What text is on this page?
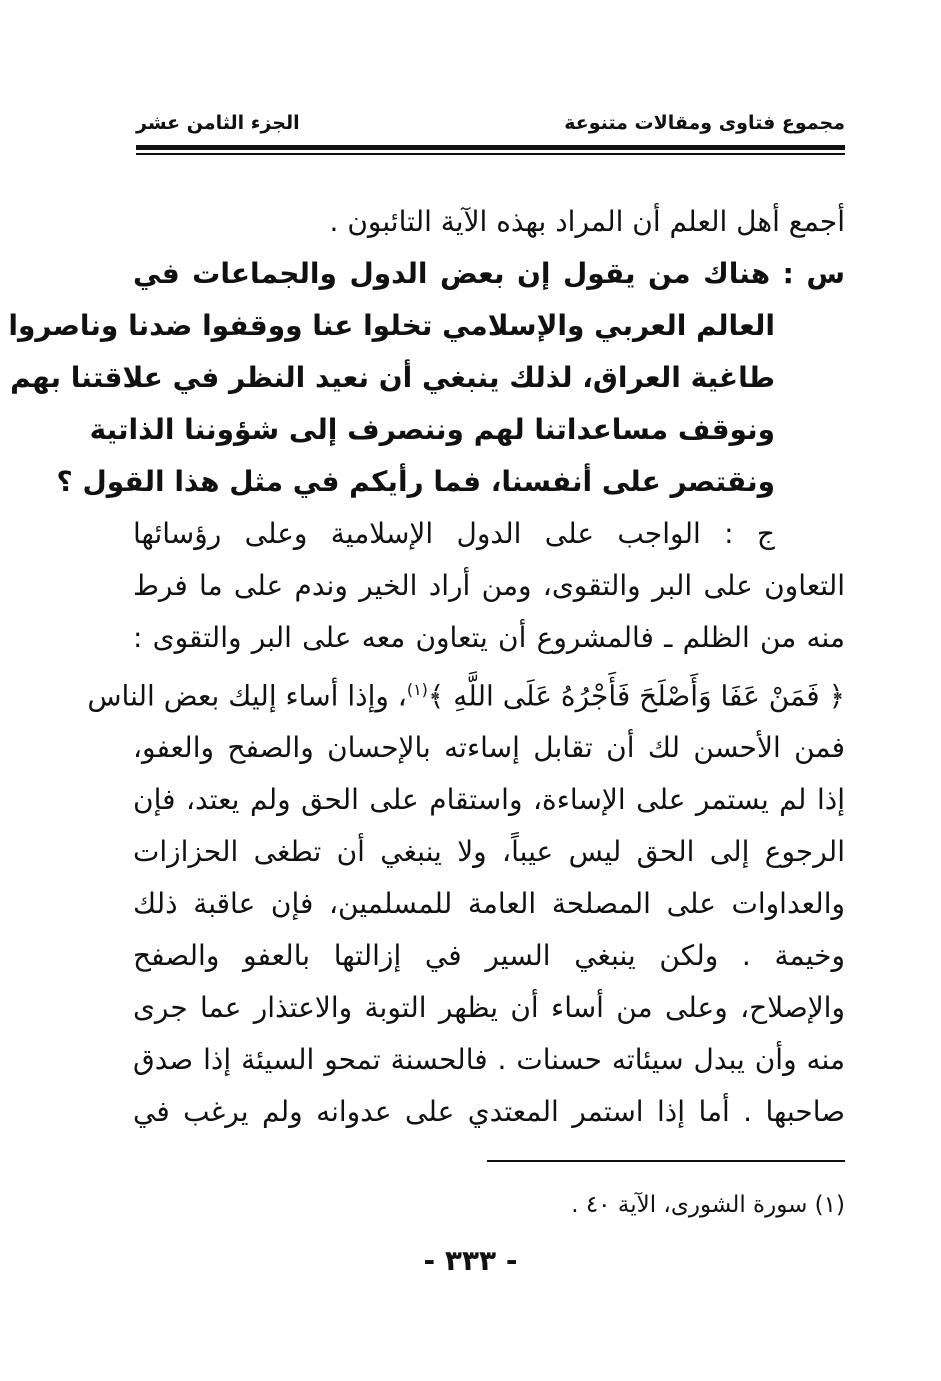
مجموع فتاوى ومقالات متنوعة
الجزء الثامن عشر

أجمع أهل العلم أن المراد بهذه الآية التائبون .

س : هناك من يقول إن بعض الدول والجماعات في
العالم العربي والإسلامي تخلوا عنا ووقفوا ضدنا وناصروا
طاغية العراق، لذلك ينبغي أن نعيد النظر في علاقتنا بهم
ونوقف مساعداتنا لهم وننصرف إلى شؤوننا الذاتية
ونقتصر على أنفسنا، فما رأيكم في مثل هذا القول ؟

ج : الواجب على الدول الإسلامية وعلى رؤسائها
التعاون على البر والتقوى، ومن أراد الخير وندم على ما فرط
منه من الظلم ـ فالمشروع أن يتعاون معه على البر والتقوى :
﴿ فَمَنْ عَفَا وَأَصْلَحَ فَأَجْرُهُ عَلَى اللَّهِ ﴾$^{(١)}$، وإذا أساء إليك بعض الناس
فمن الأحسن لك أن تقابل إساءته بالإحسان والصفح والعفو،
إذا لم يستمر على الإساءة، واستقام على الحق ولم يعتد، فإن
الرجوع إلى الحق ليس عيباً، ولا ينبغي أن تطغى الحزازات
والعداوات على المصلحة العامة للمسلمين، فإن عاقبة ذلك
وخيمة . ولكن ينبغي السير في إزالتها بالعفو والصفح
والإصلاح، وعلى من أساء أن يظهر التوبة والاعتذار عما جرى
منه وأن يبدل سيئاته حسنات . فالحسنة تمحو السيئة إذا صدق
صاحبها . أما إذا استمر المعتدي على عدوانه ولم يرغب في

(١) سورة الشورى، الآية ٤٠ .
- ٣٣٣ -
